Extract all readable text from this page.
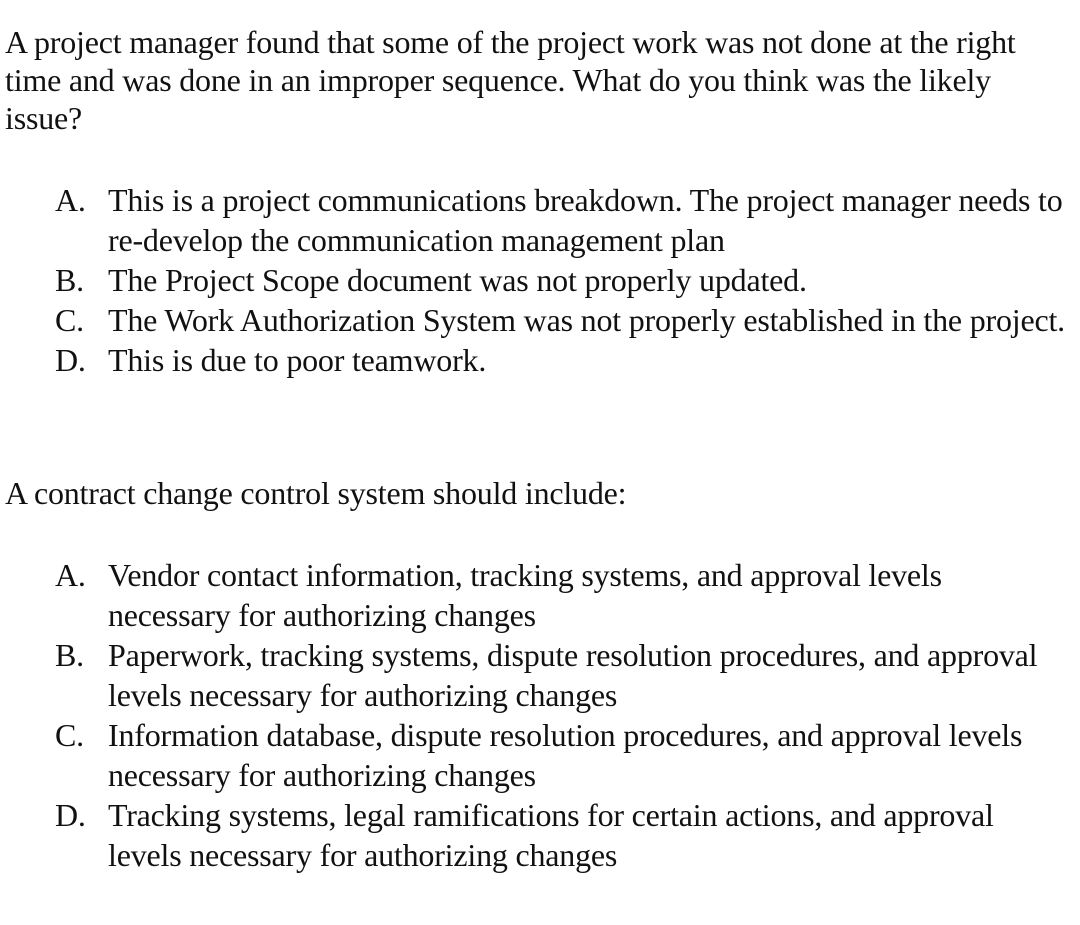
A project manager found that some of the project work was not done at the right time and was done in an improper sequence. What do you think was the likely issue?

A. This is a project communications breakdown. The project manager needs to re-develop the communication management plan
B. The Project Scope document was not properly updated.
C. The Work Authorization System was not properly established in the project.
D. This is due to poor teamwork.

A contract change control system should include:

A. Vendor contact information, tracking systems, and approval levels necessary for authorizing changes
B. Paperwork, tracking systems, dispute resolution procedures, and approval levels necessary for authorizing changes
C. Information database, dispute resolution procedures, and approval levels necessary for authorizing changes
D. Tracking systems, legal ramifications for certain actions, and approval levels necessary for authorizing changes
